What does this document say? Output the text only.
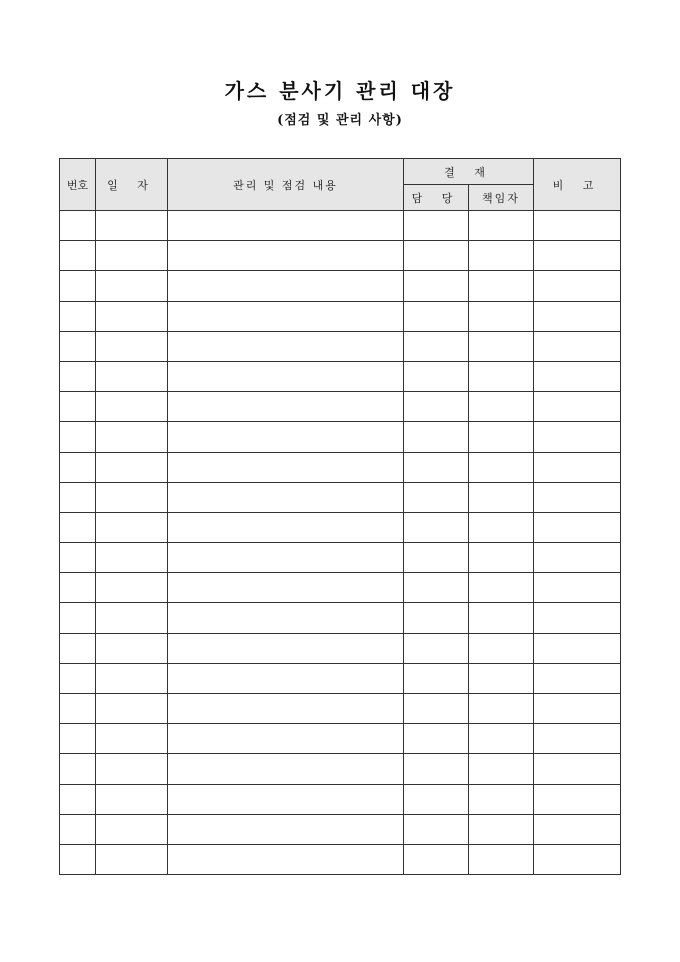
가스 분사기 관리 대장
(점검 및 관리 사항)
번호	일 자	관리 및 점검 내용	결 재		비 고
			담 당	책임자	
